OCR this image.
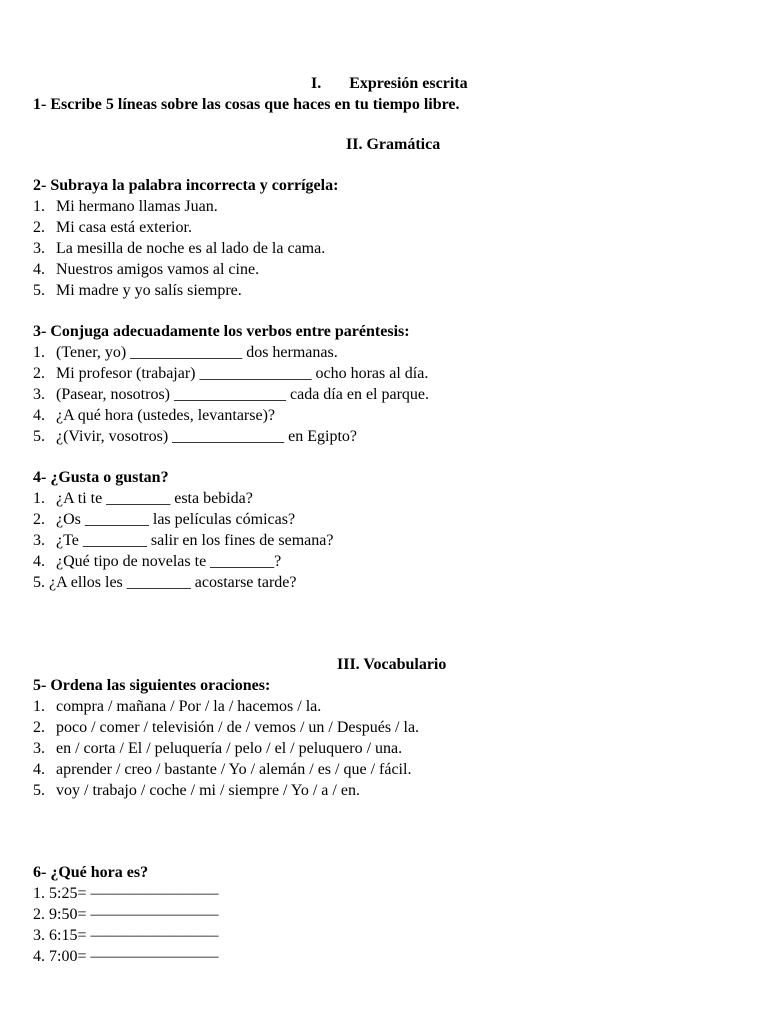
I. Expresión escrita
1- Escribe 5 líneas sobre las cosas que haces en tu tiempo libre.
II. Gramática
2- Subraya la palabra incorrecta y corrígela:
1. Mi hermano llamas Juan.
2. Mi casa está exterior.
3. La mesilla de noche es al lado de la cama.
4. Nuestros amigos vamos al cine.
5. Mi madre y yo salís siempre.
3- Conjuga adecuadamente los verbos entre paréntesis:
1. (Tener, yo) ______________ dos hermanas.
2. Mi profesor (trabajar) ______________ ocho horas al día.
3. (Pasear, nosotros) ______________ cada día en el parque.
4. ¿A qué hora (ustedes, levantarse)?
5. ¿(Vivir, vosotros) ______________ en Egipto?
4- ¿Gusta o gustan?
1. ¿A ti te ________ esta bebida?
2. ¿Os ________ las películas cómicas?
3. ¿Te ________ salir en los fines de semana?
4. ¿Qué tipo de novelas te ________?
5. ¿A ellos les ________ acostarse tarde?
III. Vocabulario
5- Ordena las siguientes oraciones:
1. compra / mañana / Por / la / hacemos / la.
2. poco / comer / televisión / de / vemos / un / Después / la.
3. en / corta / El / peluquería / pelo / el / peluquero / una.
4. aprender / creo / bastante / Yo / alemán / es / que / fácil.
5. voy / trabajo / coche / mi / siempre / Yo / a / en.
6- ¿Qué hora es?
1. 5:25= ————————
2. 9:50= ————————
3. 6:15= ————————
4. 7:00= ————————
